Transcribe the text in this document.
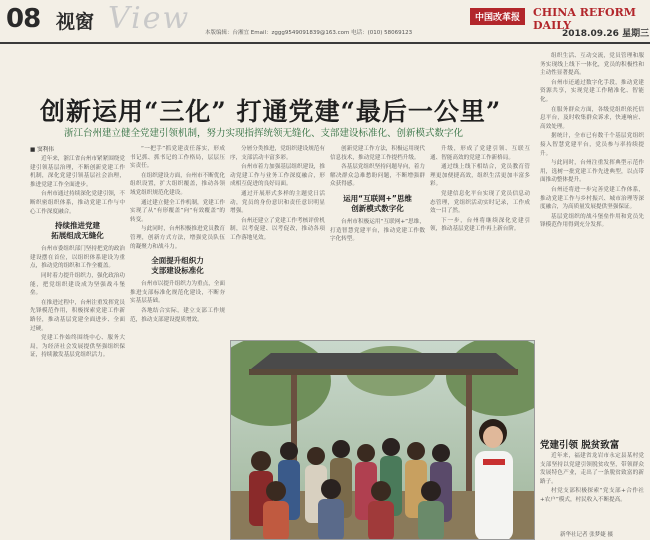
08 视窗 View	中国改革报	CHINA REFORM DAILY
本版编辑：台湘宜 Email：zggg9549091839@163.com 电话：(010) 58069123	2018.09.26 星期三
创新运用“三化” 打通党建“最后一公里”
浙江台州建立健全党建引领机制，努力实现指挥统领无缝化、支部建设标准化、创新模式数字化
■ 窦利伟

近年来，浙江省台州市紧紧围绕党建引领基层治理，不断创新党建工作机制，深化党建引领基层社会治理，推进党建工作全面进步。

台州市通过持续深化党建引领，不断织密组织体系，推动党建工作与中心工作深度融合。

持续推进党建
拓展组成无缝化

台州市委组织部门坚持把党的政治建设摆在首位，以组织体系建设为重点，推动党的组织和工作全覆盖。

同时着力提升组织力，强化政治功能，把党组织建设成为坚强战斗堡垒。

在推进过程中，台州注重发挥党员先锋模范作用，积极探索党建工作新路径，推动基层党建全面进步、全面过硬。

党建工作始终围绕中心、服务大局，为经济社会发展提供坚强组织保证，持续激发基层党组织活力。

“一把手”抓党建责任落实，形成书记抓、抓书记的工作格局，层层压实责任。

在组织建设方面，台州市不断优化组织设置，扩大组织覆盖，推动各领域党组织规范化建设。

通过建立健全工作机制，党建工作实现了从“有形覆盖”向“有效覆盖”的转变。

与此同时，台州积极推进党员教育管理，创新方式方法，增强党员队伍的凝聚力和战斗力。

全面提升组织力
支部建设标准化

台州市以提升组织力为重点，全面推进支部标准化规范化建设，不断夯实基层基础。

各地结合实际，建立支部工作规范，推动支部建设提质增效。

分層分类推进，党组织建设规范有序，支部活动丰富多彩。

台州市着力加强基层组织建设，推动党建工作与业务工作深度融合，形成相互促进的良好局面。

通过开展形式多样的主题党日活动，党员的身份意识和责任意识明显增强。

台州还建立了党建工作考核评价机制，以考促建、以考促改，推动各项工作落地见效。

创新党建工作方法，积极运用现代信息技术，推动党建工作提档升级。

各基层党组织坚持问题导向，着力解决群众急难愁盼问题，不断增强群众获得感。

运用“互联网+”思维
创新模式数字化

台州市积极运用“互联网+”思维，打造智慧党建平台，推动党建工作数字化转型。

升级，形成了党建引领、互联互通、智能高效的党建工作新格局。

通过线上线下相结合，党员教育管理更加便捷高效，组织生活更加丰富多彩。

党建信息化平台实现了党员信息动态管理，党组织活动实时记录，工作成效一目了然。

下一步，台州将继续深化党建引领，推动基层党建工作再上新台阶。

组织生活、互动交流，党员管理和服务实现线上线下一体化，党员的积极性和主动性显著提高。

台州市还通过数字化手段，推动党建资源共享，实现党建工作精准化、智能化。

在服务群众方面，各级党组织依托信息平台，及时收集群众诉求，快速响应、高效处理。

据统计，全市已有数千个基层党组织接入智慧党建平台，党员参与率持续提升。

与此同时，台州注重发挥典型示范作用，选树一批党建工作先进典型，以点带面推动整体提升。

台州还将进一步完善党建工作体系，推动党建工作与乡村振兴、城市治理等深度融合，为高质量发展提供坚强保证。

基层党组织的战斗堡垒作用和党员先锋模范作用得到充分发挥。

党建引领 脱贫致富

近年来，福建省龙岩市永定县某村党支部坚持以党建引领脱贫攻坚，带领群众发展特色产业，走出了一条脱贫致富的新路子。

村党支部积极探索“党支部+合作社+农户”模式，村民收入不断提高。

新华社记者 张梦婕 摄
